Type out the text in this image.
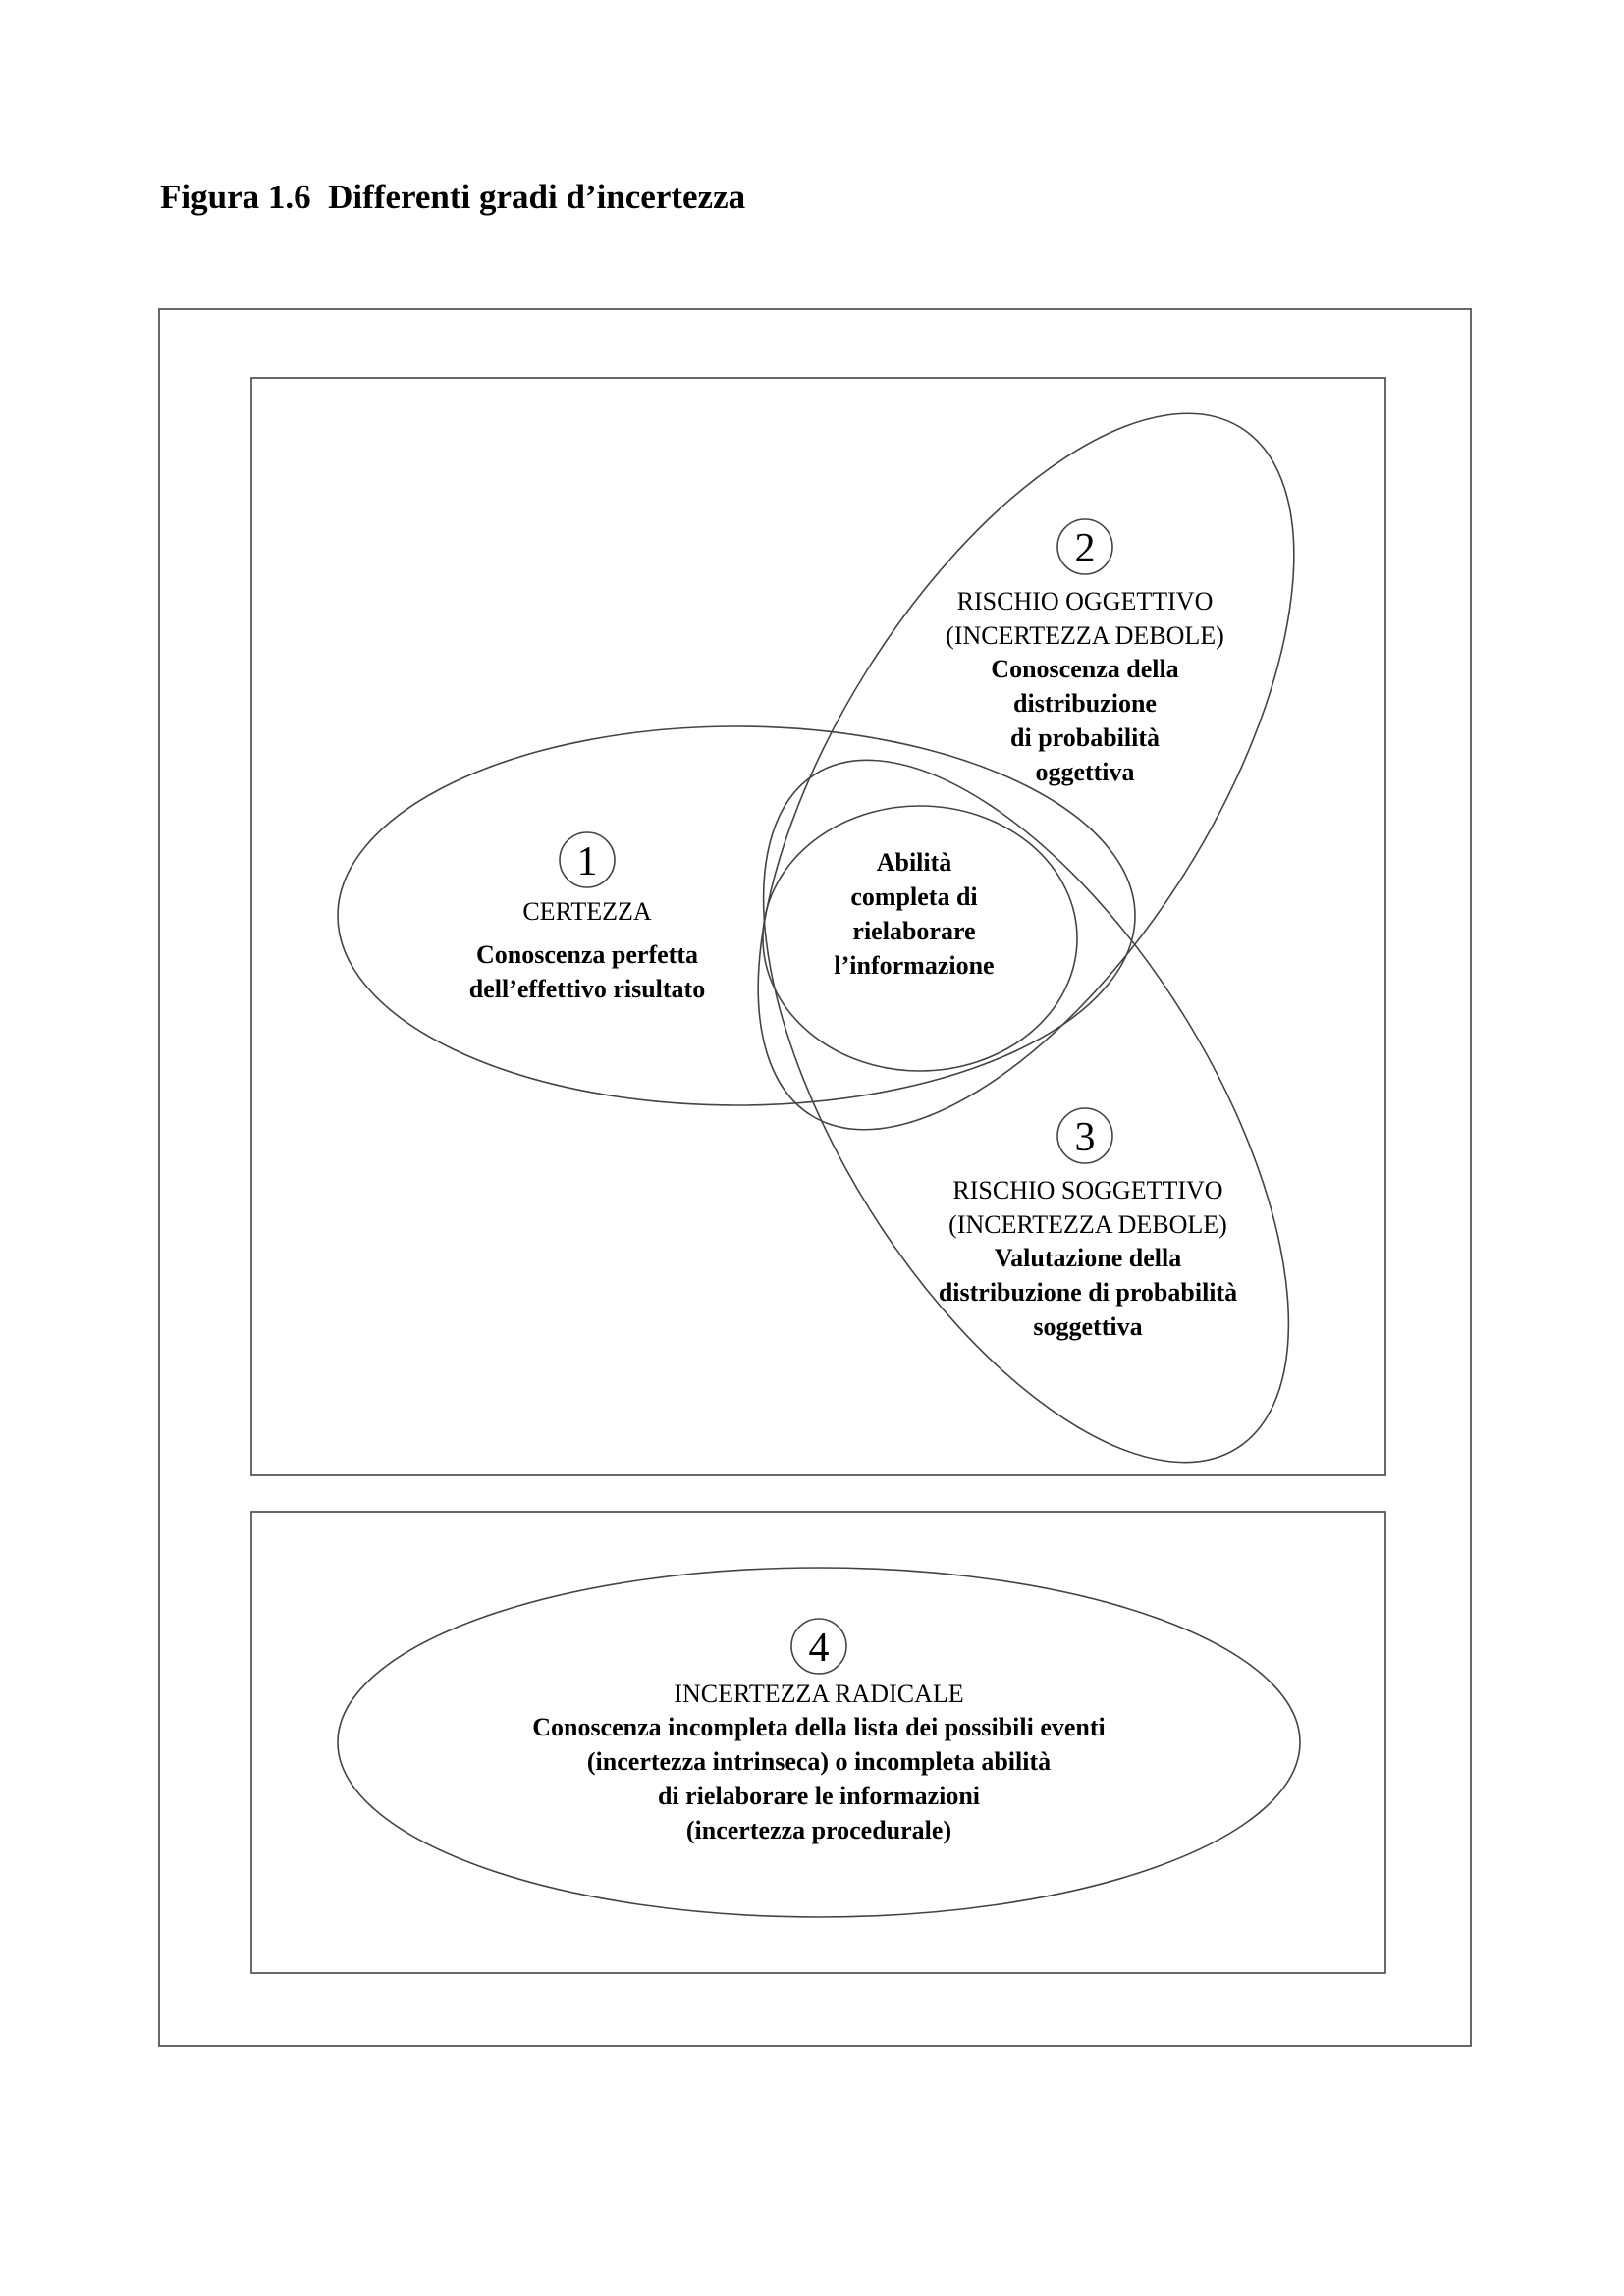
Figura 1.6  Differenti gradi d’incertezza
1
CERTEZZA
Conoscenza perfetta
dell’effettivo risultato
2
RISCHIO OGGETTIVO
(INCERTEZZA DEBOLE)
Conoscenza della
distribuzione
di probabilità
oggettiva
Abilità
completa di
rielaborare
l’informazione
3
RISCHIO SOGGETTIVO
(INCERTEZZA DEBOLE)
Valutazione della
distribuzione di probabilità
soggettiva
4
INCERTEZZA RADICALE
Conoscenza incompleta della lista dei possibili eventi
(incertezza intrinseca) o incompleta abilità
di rielaborare le informazioni
(incertezza procedurale)
